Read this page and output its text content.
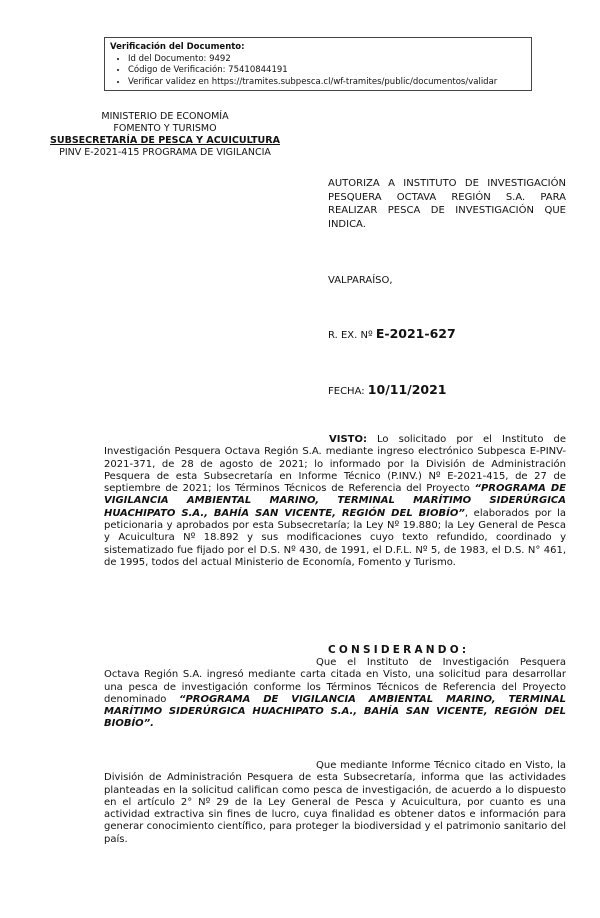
Verificación del Documento:
• Id del Documento: 9492
• Código de Verificación: 75410844191
• Verificar validez en https://tramites.subpesca.cl/wf-tramites/public/documentos/validar
MINISTERIO DE ECONOMÍA
FOMENTO Y TURISMO
SUBSECRETARÍA DE PESCA Y ACUICULTURA
PINV E-2021-415 PROGRAMA DE VIGILANCIA
AUTORIZA A INSTITUTO DE INVESTIGACIÓN PESQUERA OCTAVA REGIÓN S.A. PARA REALIZAR PESCA DE INVESTIGACIÓN QUE INDICA.
VALPARAÍSO,
R. EX. Nº E-2021-627
FECHA: 10/11/2021
VISTO: Lo solicitado por el Instituto de Investigación Pesquera Octava Región S.A. mediante ingreso electrónico Subpesca E-PINV-2021-371, de 28 de agosto de 2021; lo informado por la División de Administración Pesquera de esta Subsecretaría en Informe Técnico (P.INV.) Nº E-2021-415, de 27 de septiembre de 2021; los Términos Técnicos de Referencia del Proyecto “PROGRAMA DE VIGILANCIA AMBIENTAL MARINO, TERMINAL MARÍTIMO SIDERÚRGICA HUACHIPATO S.A., BAHÍA SAN VICENTE, REGIÓN DEL BIOBÍO”, elaborados por la peticionaria y aprobados por esta Subsecretaría; la Ley Nº 19.880; la Ley General de Pesca y Acuicultura Nº 18.892 y sus modificaciones cuyo texto refundido, coordinado y sistematizado fue fijado por el D.S. Nº 430, de 1991, el D.F.L. Nº 5, de 1983, el D.S. N° 461, de 1995, todos del actual Ministerio de Economía, Fomento y Turismo.
CONSIDERANDO:
Que el Instituto de Investigación Pesquera Octava Región S.A. ingresó mediante carta citada en Visto, una solicitud para desarrollar una pesca de investigación conforme los Términos Técnicos de Referencia del Proyecto denominado “PROGRAMA DE VIGILANCIA AMBIENTAL MARINO, TERMINAL MARÍTIMO SIDERÚRGICA HUACHIPATO S.A., BAHÍA SAN VICENTE, REGIÓN DEL BIOBÍO”.
Que mediante Informe Técnico citado en Visto, la División de Administración Pesquera de esta Subsecretaría, informa que las actividades planteadas en la solicitud califican como pesca de investigación, de acuerdo a lo dispuesto en el artículo 2° Nº 29 de la Ley General de Pesca y Acuicultura, por cuanto es una actividad extractiva sin fines de lucro, cuya finalidad es obtener datos e información para generar conocimiento científico, para proteger la biodiversidad y el patrimonio sanitario del país.
